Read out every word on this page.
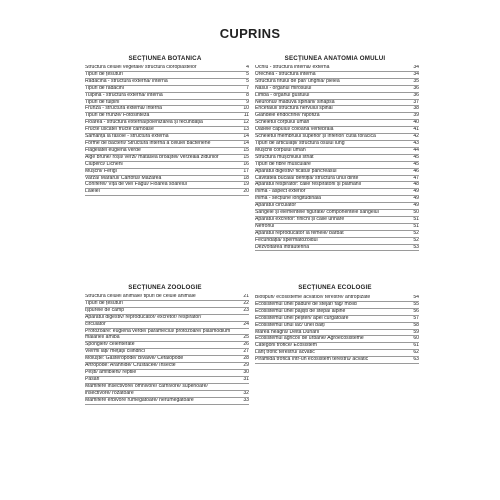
CUPRINS
SECȚIUNEA BOTANICĂ
Structura celulei vegetale/ structura cloroplastelor	4
Tipuri de țesuturi	5
Rădăcina - structura externă/ internă	5
Tipuri de rădăcini	7
Tulpina - structura externă/ internă	8
Tipuri de tulpini	9
Frunza - structura externă/ internă	10
Tipuri de frunze/ Fotosinteza	11
Floarea - structura externă/polenizarea și fecundația	12
Fructe uscate/ fructe cărnoase	13
Sămânța la fasole - structura externă	14
Forme de bacterii/ Structura internă a celulei bacteriene	14
Flagelatei euglena verde	15
Alge brune/ roșii/ verzi/ mătasea broaștei/ verzeala zidurilor	15
Ciuperci/ Licheni	16
Mușchi/ Ferigi	17
Varza/ Mărarul/ Cartoful/ Mazărea	18
Coniferei/ Viță de vie/ Fagul/ Floarea soarelui	19
Lalelei	20
SECȚIUNEA ZOOLOGIE
Structura celulei animale/ tipuri de celule animale	21
Tipuri de țesuturi	22
Ișpurele de câmp	23
Aparatul digestiv/ reproducător/ excretor/ respirator/
circulator	24
Protozoare: euglena verde/ parameciul/ protozoare/ plasmodium
malariei/ amiba	25
Spongieri/ celenterate	26
Viermi lați/ mețați/ cilindrici	27
Moluște: Gasteropode/ Bivalve/ Cefalopode	28
Artropode: Arahnide/ Crustacee/ Insecte	29
Pești/ amfibieni/ reptile	30
Păsări	31
Mamifere insectivore/ omnivore/ carnivore/ superioare/
insectivore/ rozătoare	32
Mamifere erbivore rumegătoare/ nerumegătoare	33
SECȚIUNEA ANATOMIA OMULUI
Ochiu - structura internă/ externă	34
Urechea - structura internă	34
Structura firului de păr/ unghia/ pielea	35
Nasul - organul mirosului	36
Limba - organul gustului	36
Neuronul/ măduva spinării/ sinapsa	37
Encefalul/ structura nervului spinal	38
Glandele endocrine/ hipofiza	39
Scheletul corpului uman	40
Oasele capului/ coloana vertebrală	41
Scheletul membrului superior și inferior/ cutia toracică	42
Tipuri de articulații/ structura osului lung	43
Mușchii corpului uman	44
Structura mușchiului striat	45
Tipuri de fibre musculare	45
Aparatul digestiv/ ficatul/ pancreasul	46
Cavitatea bucală/ dentiția/ structura unui dinte	47
Aparatul respirator: căile respiratorii și plămânii	48
Inima - aspect exterior	49
Inima - secțiune longitudinală	49
Aparatul circulator	49
Sângele și elementele figurate/ componentele sângelui	50
Aparatul excretor: rinichi și căile urinare	51
Nefronul	51
Aparatul reproducător la femeie/ bărbat	52
Fecundația/ spermatozoidul	52
Dezvoltarea intrauterină	53
SECȚIUNEA ECOLOGIE
Biotipuri/ ecosisteme acvatice/ terestre/ antropizate	54
Ecosistemul unei pădure de stejar/ fag/ molid	55
Ecosistemul unei pajiști de stepă/ alpine	56
Ecosistemul unei peșteri/ apei curgătoare	57
Ecosistemul unui lac/ unei bălți	58
Marea neagră/ Delta Dunării	59
Ecosistemul agricol/ de urbane/ Agroecosisteme	60
Categorii trofice/ Ecosistem	61
Lanț trofic terestru/ acvatic	62
Piramida trofică într-un ecosistem terestru/ acvatic	63
